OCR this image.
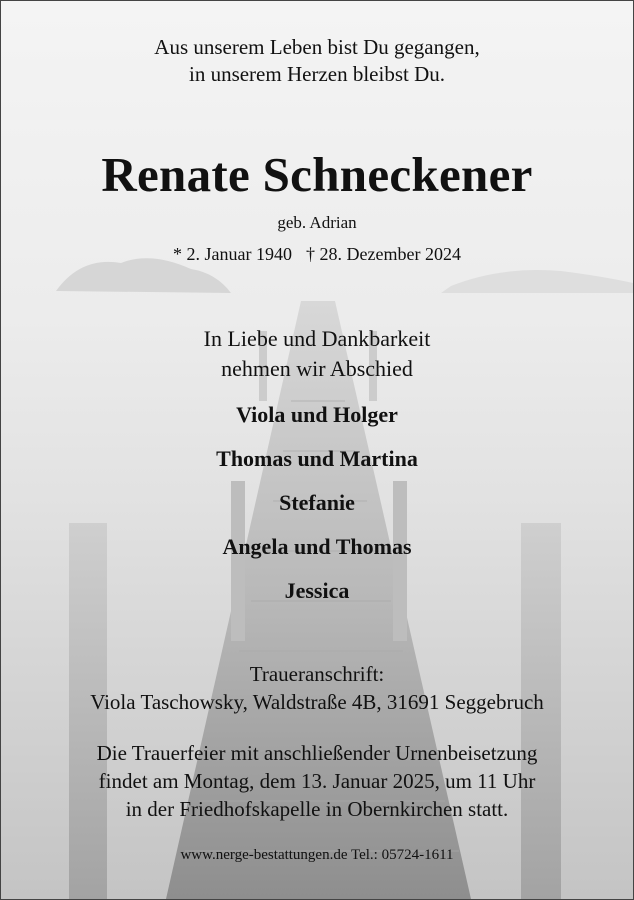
Aus unserem Leben bist Du gegangen,
in unserem Herzen bleibst Du.
Renate Schneckener
geb. Adrian
* 2. Januar 1940 † 28. Dezember 2024
In Liebe und Dankbarkeit
nehmen wir Abschied
Viola und Holger
Thomas und Martina
Stefanie
Angela und Thomas
Jessica
Traueranschrift:
Viola Taschowsky, Waldstraße 4B, 31691 Seggebruch
Die Trauerfeier mit anschließender Urnenbeisetzung
findet am Montag, dem 13. Januar 2025, um 11 Uhr
in der Friedhofskapelle in Obernkirchen statt.
www.nerge-bestattungen.de Tel.: 05724-1611
